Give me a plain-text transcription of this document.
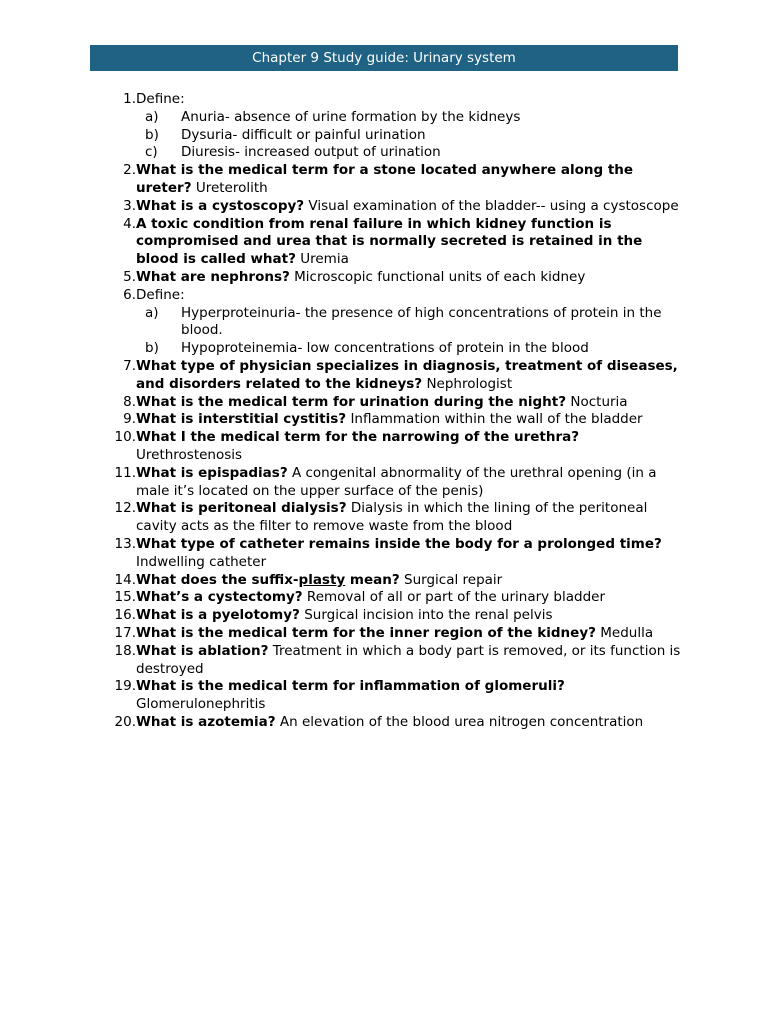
Chapter 9 Study guide: Urinary system
1. Define:
a)	Anuria- absence of urine formation by the kidneys
b)	Dysuria- difficult or painful urination
c)	Diuresis- increased output of urination
2. What is the medical term for a stone located anywhere along the ureter? Ureterolith
3. What is a cystoscopy? Visual examination of the bladder-- using a cystoscope
4. A toxic condition from renal failure in which kidney function is compromised and urea that is normally secreted is retained in the blood is called what? Uremia
5. What are nephrons? Microscopic functional units of each kidney
6. Define:
a)	Hyperproteinuria- the presence of high concentrations of protein in the blood.
b)	Hypoproteinemia- low concentrations of protein in the blood
7. What type of physician specializes in diagnosis, treatment of diseases, and disorders related to the kidneys? Nephrologist
8. What is the medical term for urination during the night? Nocturia
9. What is interstitial cystitis? Inflammation within the wall of the bladder
10. What I the medical term for the narrowing of the urethra? Urethrostenosis
11. What is epispadias? A congenital abnormality of the urethral opening (in a male it’s located on the upper surface of the penis)
12. What is peritoneal dialysis? Dialysis in which the lining of the peritoneal cavity acts as the filter to remove waste from the blood
13. What type of catheter remains inside the body for a prolonged time? Indwelling catheter
14. What does the suffix-plasty mean? Surgical repair
15. What’s a cystectomy? Removal of all or part of the urinary bladder
16. What is a pyelotomy? Surgical incision into the renal pelvis
17. What is the medical term for the inner region of the kidney? Medulla
18. What is ablation? Treatment in which a body part is removed, or its function is destroyed
19. What is the medical term for inflammation of glomeruli? Glomerulonephritis
20. What is azotemia? An elevation of the blood urea nitrogen concentration
